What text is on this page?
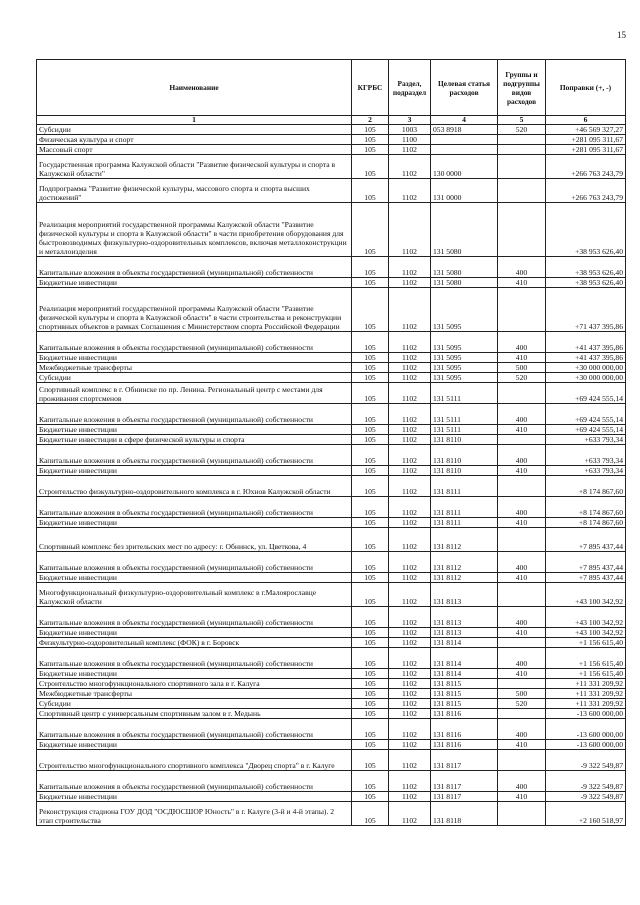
15
Наименование	КГРБС	Раздел, подраздел	Целевая статья расходов	Группы и подгруппы видов расходов	Поправки (+, -)
1	2	3	4	5	6
Субсидии	105	1003	053 8918	520	+46 569 327,27
Физическая культура и спорт	105	1100			+281 095 311,67
Массовый спорт	105	1102			+281 095 311,67
Государственная программа Калужской области "Развитие физической культуры и спорта в Калужской области"	105	1102	130 0000		+266 763 243,79
Подпрограмма "Развитие физической культуры, массового спорта и спорта высших достижений"	105	1102	131 0000		+266 763 243,79
Реализация мероприятий государственной программы Калужской области "Развитие физической культуры и спорта в Калужской области" в части приобретения оборудования для быстровозводимых физкультурно-оздоровительных комплексов, включая металлоконструкции и металлоизделия	105	1102	131 5080		+38 953 626,40
Капитальные вложения в объекты государственной (муниципальной) собственности	105	1102	131 5080	400	+38 953 626,40
Бюджетные инвестиции	105	1102	131 5080	410	+38 953 626,40
Реализация мероприятий государственной программы Калужской области "Развитие физической культуры и спорта в Калужской области" в части строительства и реконструкции спортивных объектов в рамках Соглашения с Министерством спорта Российской Федерации	105	1102	131 5095		+71 437 395,86
Капитальные вложения в объекты государственной (муниципальной) собственности	105	1102	131 5095	400	+41 437 395,86
Бюджетные инвестиции	105	1102	131 5095	410	+41 437 395,86
Межбюджетные трансферты	105	1102	131 5095	500	+30 000 000,00
Субсидии	105	1102	131 5095	520	+30 000 000,00
Спортивный комплекс в г. Обнинске по пр. Ленина. Региональный центр с местами для проживания спортсменов	105	1102	131 5111		+69 424 555,14
Капитальные вложения в объекты государственной (муниципальной) собственности	105	1102	131 5111	400	+69 424 555,14
Бюджетные инвестиции	105	1102	131 5111	410	+69 424 555,14
Бюджетные инвестиции в сфере физической культуры и спорта	105	1102	131 8110		+633 793,34
Капитальные вложения в объекты государственной (муниципальной) собственности	105	1102	131 8110	400	+633 793,34
Бюджетные инвестиции	105	1102	131 8110	410	+633 793,34
Строительство физкультурно-оздоровительного комплекса в г. Юхнов Калужской области	105	1102	131 8111		+8 174 867,60
Капитальные вложения в объекты государственной (муниципальной) собственности	105	1102	131 8111	400	+8 174 867,60
Бюджетные инвестиции	105	1102	131 8111	410	+8 174 867,60
Спортивный комплекс без зрительских мест по адресу: г. Обнинск, ул. Цветкова, 4	105	1102	131 8112		+7 895 437,44
Капитальные вложения в объекты государственной (муниципальной) собственности	105	1102	131 8112	400	+7 895 437,44
Бюджетные инвестиции	105	1102	131 8112	410	+7 895 437,44
Многофункциональный физкультурно-оздоровительный комплекс в г.Малоярославце Калужской области	105	1102	131 8113		+43 100 342,92
Капитальные вложения в объекты государственной (муниципальной) собственности	105	1102	131 8113	400	+43 100 342,92
Бюджетные инвестиции	105	1102	131 8113	410	+43 100 342,92
Физкультурно-оздоровительный комплекс (ФОК) в г. Боровск	105	1102	131 8114		+1 156 615,40
Капитальные вложения в объекты государственной (муниципальной) собственности	105	1102	131 8114	400	+1 156 615,40
Бюджетные инвестиции	105	1102	131 8114	410	+1 156 615,40
Строительство многофункционального спортивного зала в г. Калуга	105	1102	131 8115		+11 331 209,92
Межбюджетные трансферты	105	1102	131 8115	500	+11 331 209,92
Субсидии	105	1102	131 8115	520	+11 331 209,92
Спортивный центр с универсальным спортивным залом в г. Медынь	105	1102	131 8116		-13 600 000,00
Капитальные вложения в объекты государственной (муниципальной) собственности	105	1102	131 8116	400	-13 600 000,00
Бюджетные инвестиции	105	1102	131 8116	410	-13 600 000,00
Строительство многофункционального спортивного комплекса "Дворец спорта" в г. Калуге	105	1102	131 8117		-9 322 549,87
Капитальные вложения в объекты государственной (муниципальной) собственности	105	1102	131 8117	400	-9 322 549,87
Бюджетные инвестиции	105	1102	131 8117	410	-9 322 549,87
Реконструкция стадиона ГОУ ДОД "ОСДЮСШОР Юность" в г. Калуге (3-й и 4-й этапы). 2 этап строительства	105	1102	131 8118		+2 160 518,97
